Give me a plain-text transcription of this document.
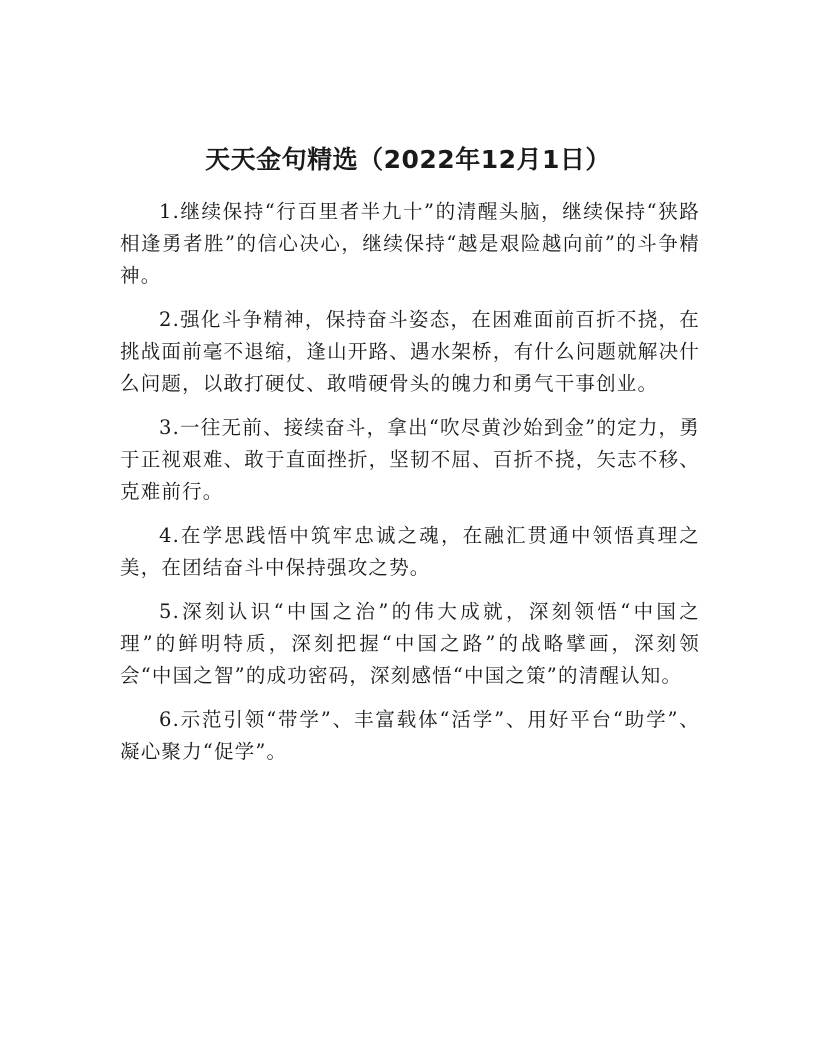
天天金句精选（2022年12月1日）

1.继续保持“行百里者半九十”的清醒头脑，继续保持“狭路相逢勇者胜”的信心决心，继续保持“越是艰险越向前”的斗争精神。

2.强化斗争精神，保持奋斗姿态，在困难面前百折不挠，在挑战面前毫不退缩，逢山开路、遇水架桥，有什么问题就解决什么问题，以敢打硬仗、敢啃硬骨头的魄力和勇气干事创业。

3.一往无前、接续奋斗，拿出“吹尽黄沙始到金”的定力，勇于正视艰难、敢于直面挫折，坚韧不屈、百折不挠，矢志不移、克难前行。

4.在学思践悟中筑牢忠诚之魂，在融汇贯通中领悟真理之美，在团结奋斗中保持强攻之势。

5.深刻认识“中国之治”的伟大成就，深刻领悟“中国之理”的鲜明特质，深刻把握“中国之路”的战略擘画，深刻领会“中国之智”的成功密码，深刻感悟“中国之策”的清醒认知。

6.示范引领“带学”、丰富载体“活学”、用好平台“助学”、凝心聚力“促学”。
